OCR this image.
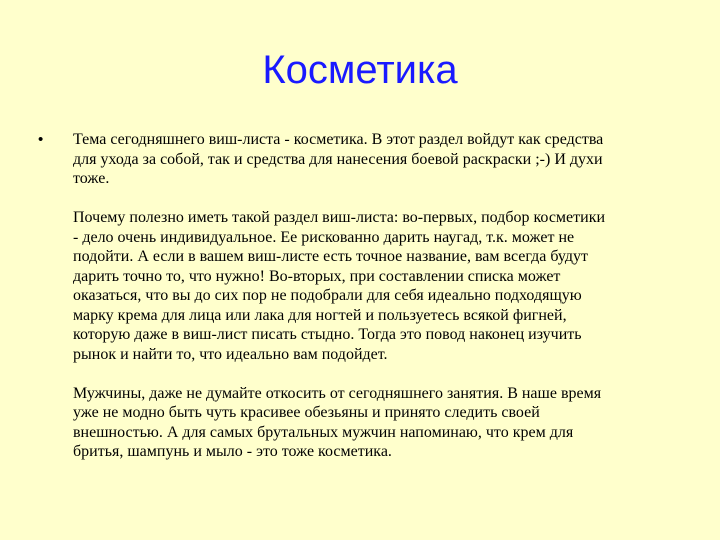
Косметика
•	Тема сегодняшнего виш-листа - косметика. В этот раздел войдут как средства
для ухода за собой, так и средства для нанесения боевой раскраски ;-) И духи
тоже.

Почему полезно иметь такой раздел виш-листа: во-первых, подбор косметики
- дело очень индивидуальное. Ее рискованно дарить наугад, т.к. может не
подойти. А если в вашем виш-листе есть точное название, вам всегда будут
дарить точно то, что нужно! Во-вторых, при составлении списка может
оказаться, что вы до сих пор не подобрали для себя идеально подходящую
марку крема для лица или лака для ногтей и пользуетесь всякой фигней,
которую даже в виш-лист писать стыдно. Тогда это повод наконец изучить
рынок и найти то, что идеально вам подойдет.

Мужчины, даже не думайте откосить от сегодняшнего занятия. В наше время
уже не модно быть чуть красивее обезьяны и принято следить своей
внешностью. А для самых брутальных мужчин напоминаю, что крем для
бритья, шампунь и мыло - это тоже косметика.
